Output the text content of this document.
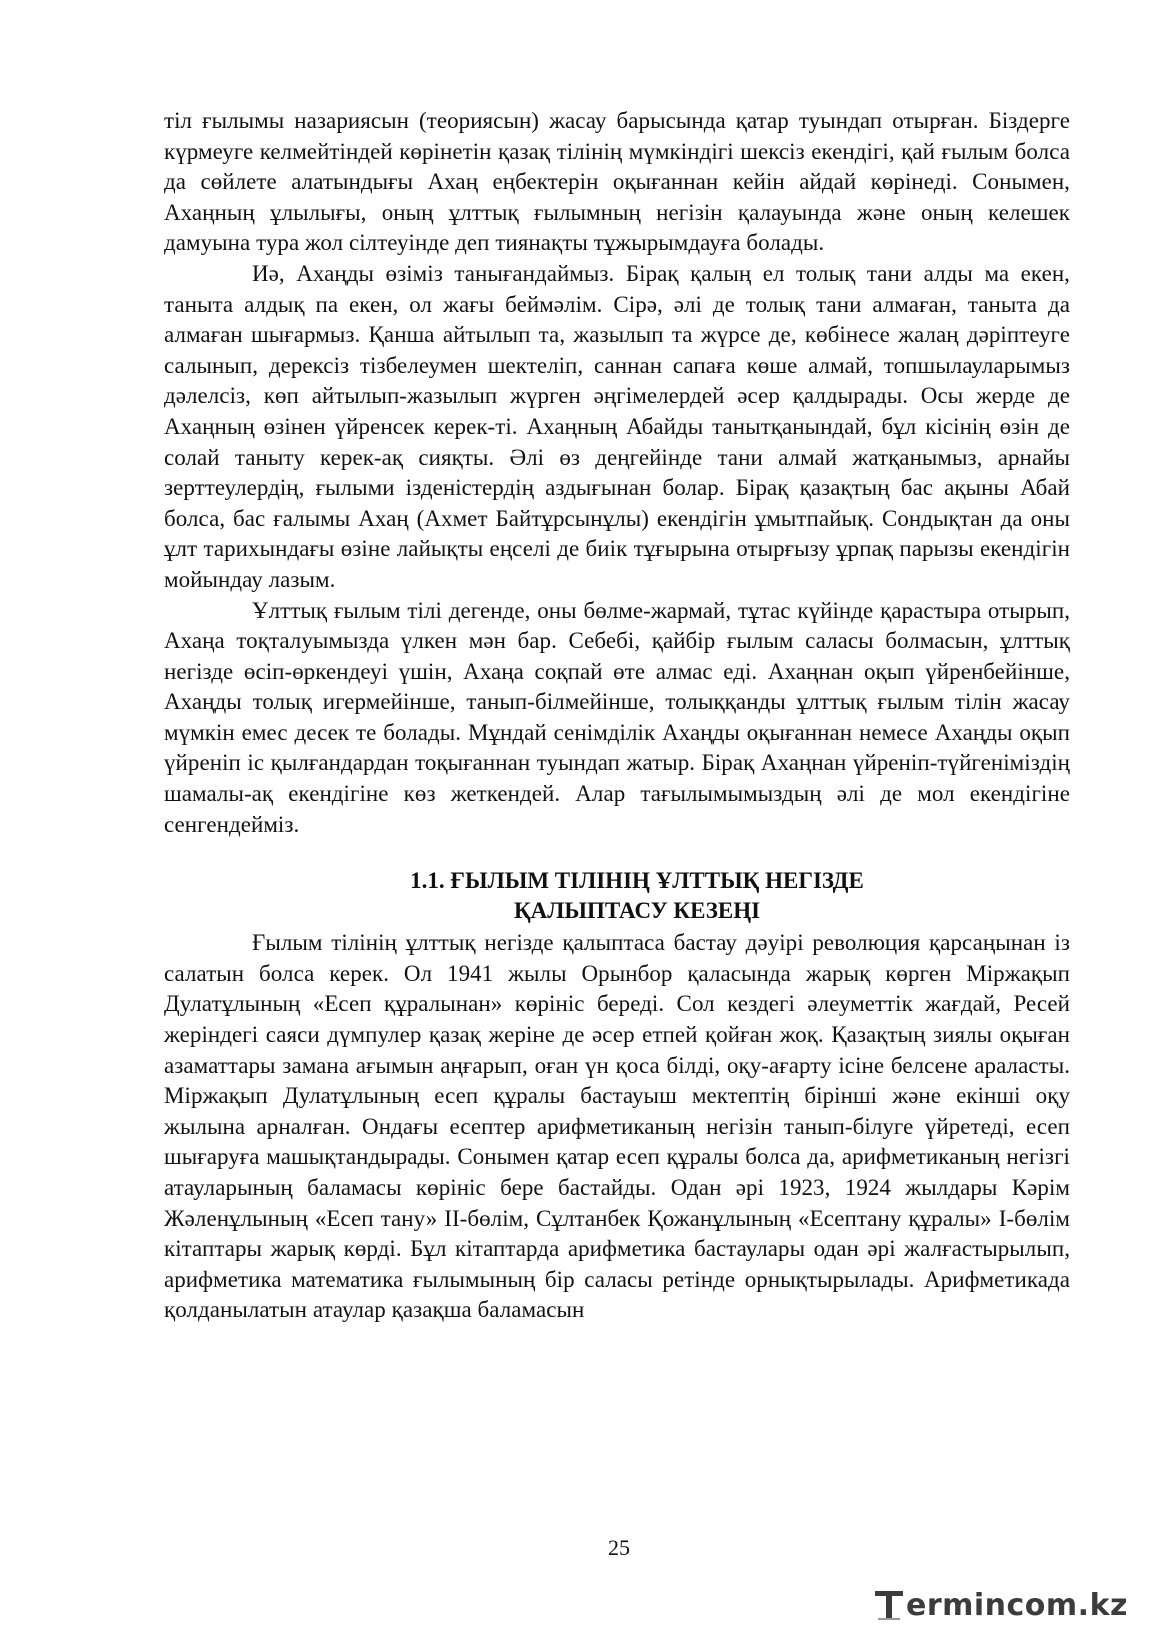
тіл ғылымы назариясын (теориясын) жасау барысында қатар туындап отырған. Біздерге күрмеуге келмейтіндей көрінетін қазақ тілінің мүмкіндігі шексіз екендігі, қай ғылым болса да сөйлете алатындығы Ахаң еңбектерін оқығаннан кейін айдай көрінеді. Сонымен, Ахаңның ұлылығы, оның ұлттық ғылымның негізін қалауында және оның келешек дамуына тура жол сілтеуінде деп тиянақты тұжырымдауға болады.

Иә, Ахаңды өзіміз танығандаймыз. Бірақ қалың ел толық тани алды ма екен, таныта алдық па екен, ол жағы беймәлім. Сірә, әлі де толық тани алмаған, таныта да алмаған шығармыз. Қанша айтылып та, жазылып та жүрсе де, көбінесе жалаң дәріптеуге салынып, дерексіз тізбелеумен шектеліп, саннан сапаға көше алмай, топшылауларымыз дәлелсіз, көп айтылып-жазылып жүрген әңгімелердей әсер қалдырады. Осы жерде де Ахаңның өзінен үйренсек керек-ті. Ахаңның Абайды танытқанындай, бұл кісінің өзін де солай таныту керек-ақ сияқты. Әлі өз деңгейінде тани алмай жатқанымыз, арнайы зерттеулердің, ғылыми ізденістердің аздығынан болар. Бірақ қазақтың бас ақыны Абай болса, бас ғалымы Ахаң (Ахмет Байтұрсынұлы) екендігін ұмытпайық. Сондықтан да оны ұлт тарихындағы өзіне лайықты еңселі де биік тұғырына отырғызу ұрпақ парызы екендігін мойындау лазым.

Ұлттық ғылым тілі дегенде, оны бөлме-жармай, тұтас күйінде қарастыра отырып, Ахаңа тоқталуымызда үлкен мән бар. Себебі, қайбір ғылым саласы болмасын, ұлттық негізде өсіп-өркендеуі үшін, Ахаңа соқпай өте алмас еді. Ахаңнан оқып үйренбейінше, Ахаңды толық игермейінше, танып-білмейінше, толыққанды ұлттық ғылым тілін жасау мүмкін емес десек те болады. Мұндай сенімділік Ахаңды оқығаннан немесе Ахаңды оқып үйреніп іс қылғандардан тоқығаннан туындап жатыр. Бірақ Ахаңнан үйреніп-түйгеніміздің шамалы-ақ екендігіне көз жеткендей. Алар тағылымымыздың әлі де мол екендігіне сенгендейміз.

1.1. ҒЫЛЫМ ТІЛІНІҢ ҰЛТТЫҚ НЕГІЗДЕ
ҚАЛЫПТАСУ КЕЗЕҢІ

Ғылым тілінің ұлттық негізде қалыптаса бастау дәуірі революция қарсаңынан із салатын болса керек. Ол 1941 жылы Орынбор қаласында жарық көрген Міржақып Дулатұлының «Есеп құралынан» көрініс береді. Сол кездегі әлеуметтік жағдай, Ресей жеріндегі саяси дүмпулер қазақ жеріне де әсер етпей қойған жоқ. Қазақтың зиялы оқыған азаматтары замана ағымын аңғарып, оған үн қоса білді, оқу-ағарту ісіне белсене араласты. Міржақып Дулатұлының есеп құралы бастауыш мектептің бірінші және екінші оқу жылына арналған. Ондағы есептер арифметиканың негізін танып-білуге үйретеді, есеп шығаруға машықтандырады. Сонымен қатар есеп құралы болса да, арифметиканың негізгі атауларының баламасы көрініс бере бастайды. Одан әрі 1923, 1924 жылдары Кәрім Жәленұлының «Есеп тану» ІІ-бөлім, Сұлтанбек Қожанұлының «Есептану құралы» І-бөлім кітаптары жарық көрді. Бұл кітаптарда арифметика бастаулары одан әрі жалғастырылып, арифметика математика ғылымының бір саласы ретінде орнықтырылады. Арифметикада қолданылатын атаулар қазақша баламасын

25
ermincom.kz
